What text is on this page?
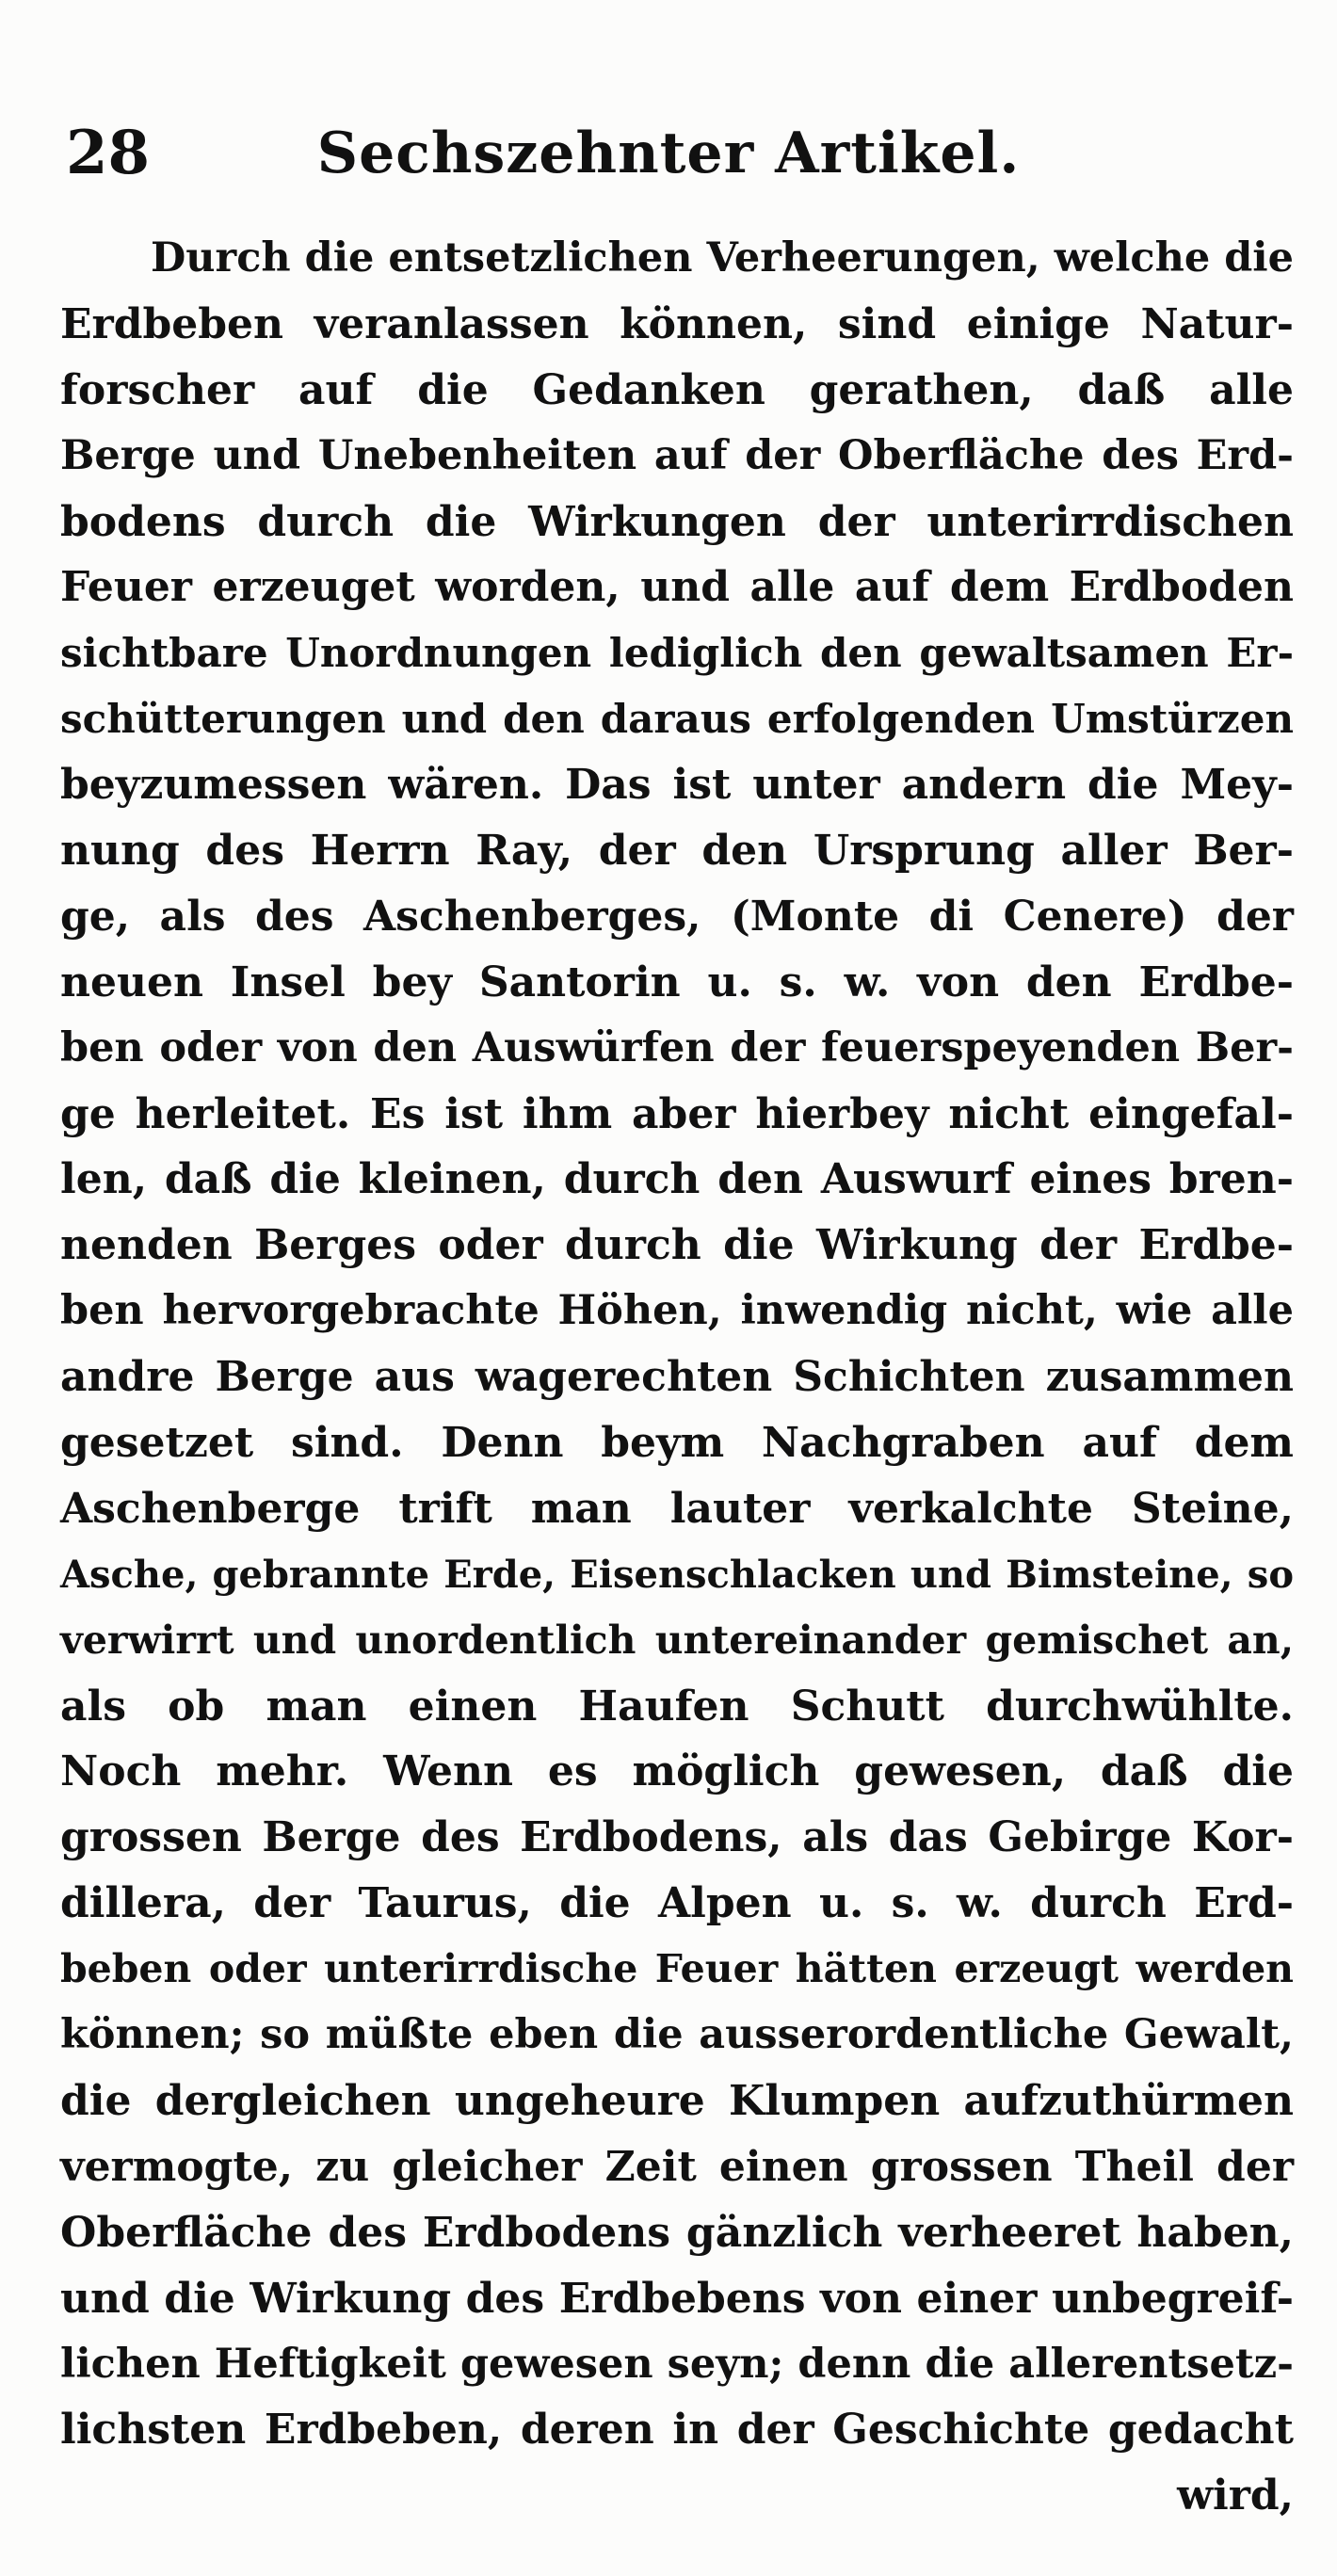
28	Sechszehnter Artikel.
Durch die entsetzlichen Verheerungen, welche die
Erdbeben veranlassen können, sind einige Natur-
forscher auf die Gedanken gerathen, daß alle
Berge und Unebenheiten auf der Oberfläche des Erd-
bodens durch die Wirkungen der unterirrdischen
Feuer erzeuget worden, und alle auf dem Erdboden
sichtbare Unordnungen lediglich den gewaltsamen Er-
schütterungen und den daraus erfolgenden Umstürzen
beyzumessen wären. Das ist unter andern die Mey-
nung des Herrn Ray, der den Ursprung aller Ber-
ge, als des Aschenberges, (Monte di Cenere) der
neuen Insel bey Santorin u. s. w. von den Erdbe-
ben oder von den Auswürfen der feuerspeyenden Ber-
ge herleitet. Es ist ihm aber hierbey nicht eingefal-
len, daß die kleinen, durch den Auswurf eines bren-
nenden Berges oder durch die Wirkung der Erdbe-
ben hervorgebrachte Höhen, inwendig nicht, wie alle
andre Berge aus wagerechten Schichten zusammen
gesetzet sind. Denn beym Nachgraben auf dem
Aschenberge trift man lauter verkalchte Steine,
Asche, gebrannte Erde, Eisenschlacken und Bimsteine, so
verwirrt und unordentlich untereinander gemischet an,
als ob man einen Haufen Schutt durchwühlte.
Noch mehr. Wenn es möglich gewesen, daß die
grossen Berge des Erdbodens, als das Gebirge Kor-
dillera, der Taurus, die Alpen u. s. w. durch Erd-
beben oder unterirrdische Feuer hätten erzeugt werden
können; so müßte eben die ausserordentliche Gewalt,
die dergleichen ungeheure Klumpen aufzuthürmen
vermogte, zu gleicher Zeit einen grossen Theil der
Oberfläche des Erdbodens gänzlich verheeret haben,
und die Wirkung des Erdbebens von einer unbegreif-
lichen Heftigkeit gewesen seyn; denn die allerentsetz-
lichsten Erdbeben, deren in der Geschichte gedacht
wird,
